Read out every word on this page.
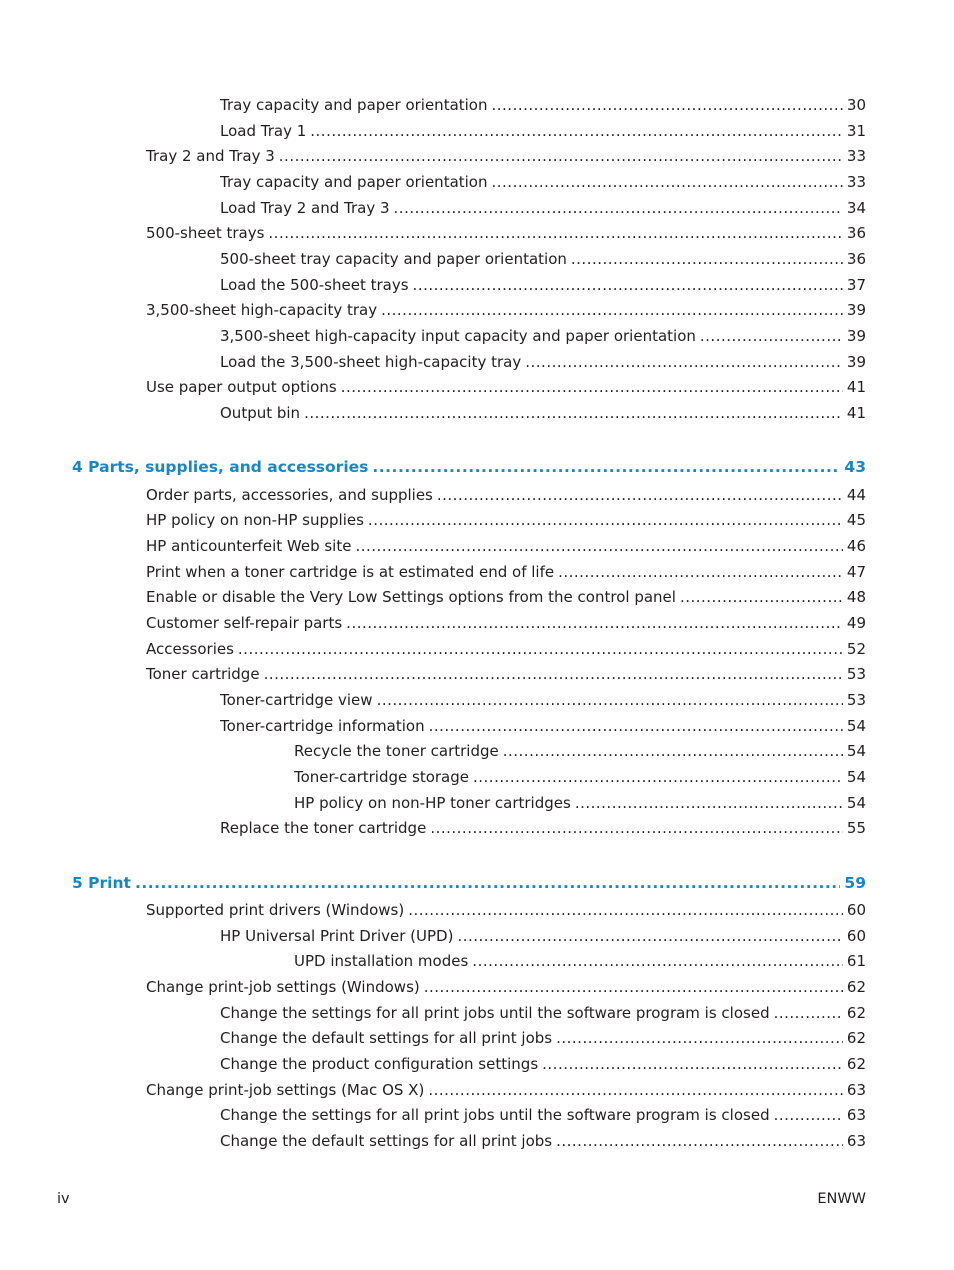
Tray capacity and paper orientation .....	30
Load Tray 1 .....	31
Tray 2 and Tray 3 .....	33
Tray capacity and paper orientation .....	33
Load Tray 2 and Tray 3 .....	34
500-sheet trays .....	36
500-sheet tray capacity and paper orientation .....	36
Load the 500-sheet trays .....	37
3,500-sheet high-capacity tray .....	39
3,500-sheet high-capacity input capacity and paper orientation .....	39
Load the 3,500-sheet high-capacity tray .....	39
Use paper output options .....	41
Output bin .....	41
4 Parts, supplies, and accessories .....	43
Order parts, accessories, and supplies .....	44
HP policy on non-HP supplies .....	45
HP anticounterfeit Web site .....	46
Print when a toner cartridge is at estimated end of life .....	47
Enable or disable the Very Low Settings options from the control panel .....	48
Customer self-repair parts .....	49
Accessories .....	52
Toner cartridge .....	53
Toner-cartridge view .....	53
Toner-cartridge information .....	54
Recycle the toner cartridge .....	54
Toner-cartridge storage .....	54
HP policy on non-HP toner cartridges .....	54
Replace the toner cartridge .....	55
5 Print .....	59
Supported print drivers (Windows) .....	60
HP Universal Print Driver (UPD) .....	60
UPD installation modes .....	61
Change print-job settings (Windows) .....	62
Change the settings for all print jobs until the software program is closed .....	62
Change the default settings for all print jobs .....	62
Change the product configuration settings .....	62
Change print-job settings (Mac OS X) .....	63
Change the settings for all print jobs until the software program is closed .....	63
Change the default settings for all print jobs .....	63
iv	ENWW
